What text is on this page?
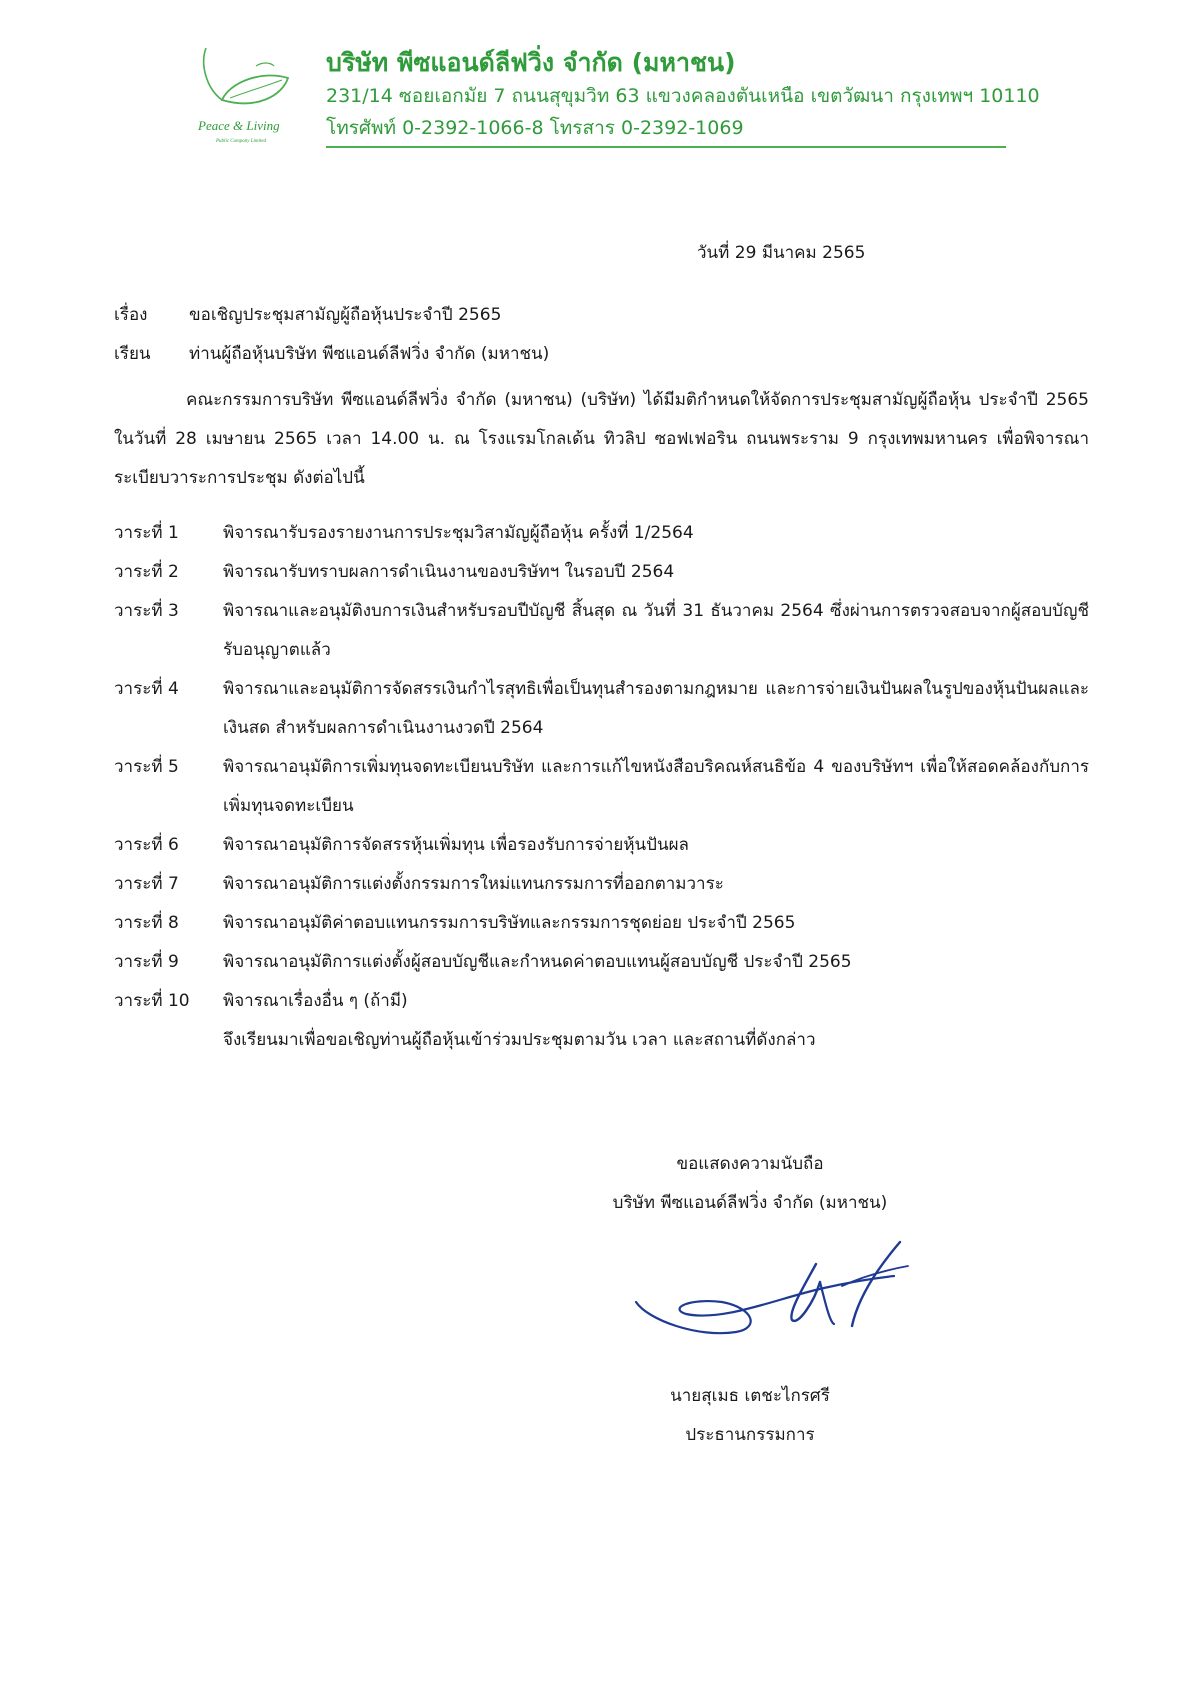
Peace & Living
Public Company Limited
บริษัท พีซแอนด์ลีฟวิ่ง จำกัด (มหาชน)
231/14 ซอยเอกมัย 7 ถนนสุขุมวิท 63 แขวงคลองตันเหนือ เขตวัฒนา กรุงเทพฯ 10110
โทรศัพท์ 0-2392-1066-8 โทรสาร 0-2392-1069
วันที่ 29 มีนาคม 2565
เรื่อง ขอเชิญประชุมสามัญผู้ถือหุ้นประจำปี 2565
เรียน ท่านผู้ถือหุ้นบริษัท พีซแอนด์ลีฟวิ่ง จำกัด (มหาชน)
คณะกรรมการบริษัท พีซแอนด์ลีฟวิ่ง จำกัด (มหาชน) (บริษัท) ได้มีมติกำหนดให้จัดการประชุมสามัญผู้ถือหุ้น ประจำปี 2565 ในวันที่ 28 เมษายน 2565 เวลา 14.00 น. ณ โรงแรมโกลเด้น ทิวลิป ซอฟเฟอริน ถนนพระราม 9 กรุงเทพมหานคร เพื่อพิจารณาระเบียบวาระการประชุม ดังต่อไปนี้
วาระที่ 1	พิจารณารับรองรายงานการประชุมวิสามัญผู้ถือหุ้น ครั้งที่ 1/2564
วาระที่ 2	พิจารณารับทราบผลการดำเนินงานของบริษัทฯ ในรอบปี 2564
วาระที่ 3	พิจารณาและอนุมัติงบการเงินสำหรับรอบปีบัญชี สิ้นสุด ณ วันที่ 31 ธันวาคม 2564 ซึ่งผ่านการตรวจสอบจากผู้สอบบัญชีรับอนุญาตแล้ว
วาระที่ 4	พิจารณาและอนุมัติการจัดสรรเงินกำไรสุทธิเพื่อเป็นทุนสำรองตามกฎหมาย และการจ่ายเงินปันผลในรูปของหุ้นปันผลและเงินสด สำหรับผลการดำเนินงานงวดปี 2564
วาระที่ 5	พิจารณาอนุมัติการเพิ่มทุนจดทะเบียนบริษัท และการแก้ไขหนังสือบริคณห์สนธิข้อ 4 ของบริษัทฯ เพื่อให้สอดคล้องกับการเพิ่มทุนจดทะเบียน
วาระที่ 6	พิจารณาอนุมัติการจัดสรรหุ้นเพิ่มทุน เพื่อรองรับการจ่ายหุ้นปันผล
วาระที่ 7	พิจารณาอนุมัติการแต่งตั้งกรรมการใหม่แทนกรรมการที่ออกตามวาระ
วาระที่ 8	พิจารณาอนุมัติค่าตอบแทนกรรมการบริษัทและกรรมการชุดย่อย ประจำปี 2565
วาระที่ 9	พิจารณาอนุมัติการแต่งตั้งผู้สอบบัญชีและกำหนดค่าตอบแทนผู้สอบบัญชี ประจำปี 2565
วาระที่ 10	พิจารณาเรื่องอื่น ๆ (ถ้ามี)
จึงเรียนมาเพื่อขอเชิญท่านผู้ถือหุ้นเข้าร่วมประชุมตามวัน เวลา และสถานที่ดังกล่าว
ขอแสดงความนับถือ
บริษัท พีซแอนด์ลีฟวิ่ง จำกัด (มหาชน)
นายสุเมธ เตชะไกรศรี
ประธานกรรมการ
